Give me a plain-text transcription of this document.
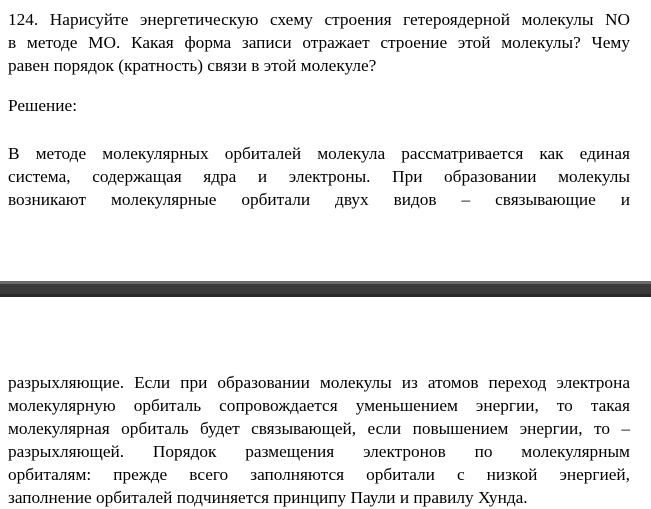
124. Нарисуйте энергетическую схему строения гетероядерной молекулы NO
в методе МО. Какая форма записи отражает строение этой молекулы? Чему
равен порядок (кратность) связи в этой молекуле?
Решение:
В методе молекулярных орбиталей молекула рассматривается как единая
система, содержащая ядра и электроны. При образовании молекулы
возникают молекулярные орбитали двух видов – связывающие и
разрыхляющие. Если при образовании молекулы из атомов переход электрона
молекулярную орбиталь сопровождается уменьшением энергии, то такая
молекулярная орбиталь будет связывающей, если повышением энергии, то –
разрыхляющей. Порядок размещения электронов по молекулярным
орбиталям: прежде всего заполняются орбитали с низкой энергией,
заполнение орбиталей подчиняется принципу Паули и правилу Хунда.
